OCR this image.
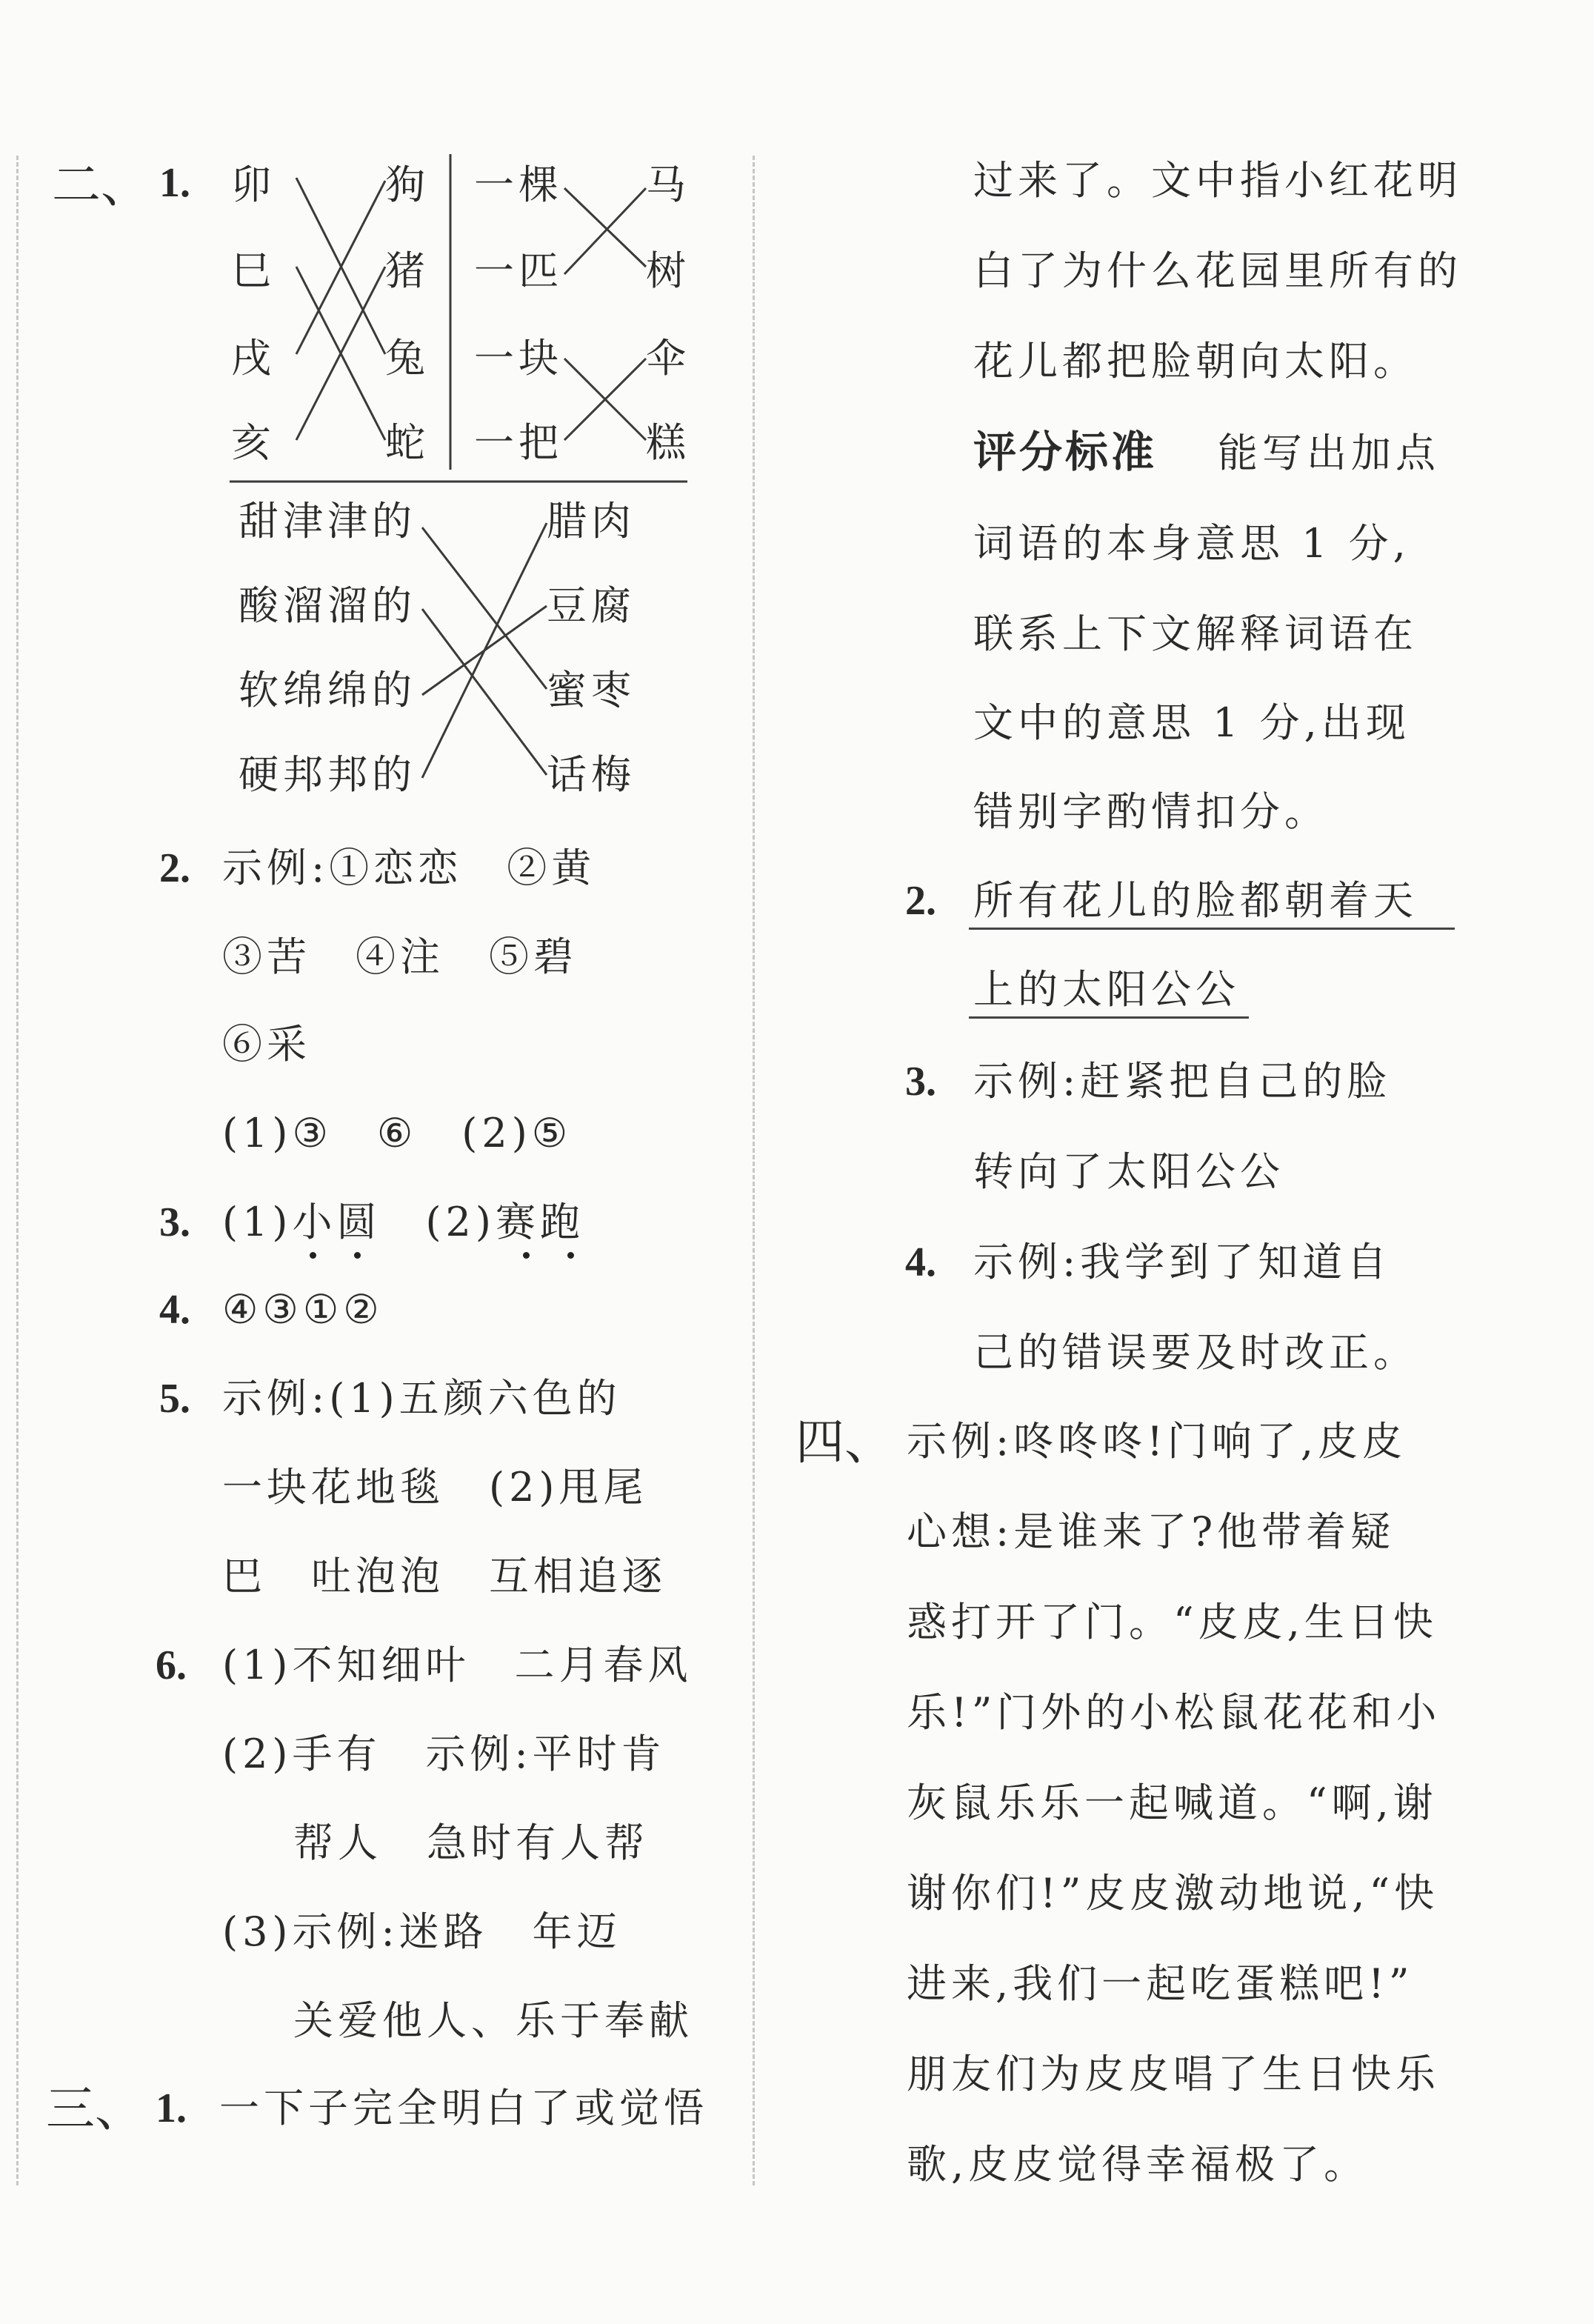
二、 1. 卯
巳
戌
亥
狗
猪
兔
蛇
一棵
一匹
一块
一把
马
树
伞
糕
甜津津的
酸溜溜的
软绵绵的
硬邦邦的
腊肉
豆腐
蜜枣
话梅
2. 示例:①恋恋　②黄
③苦　④注　⑤碧
⑥采
(1)③　⑥　(2)⑤
3. (1)小圆　(2)赛跑
4. ④③①②
5. 示例:(1)五颜六色的
一块花地毯　(2)甩尾
巴　吐泡泡　互相追逐
6. (1)不知细叶　二月春风
(2)手有　示例:平时肯
帮人　急时有人帮
(3)示例:迷路　年迈
关爱他人、乐于奉献
三、 1. 一下子完全明白了或觉悟
过来了。文中指小红花明
白了为什么花园里所有的
花儿都把脸朝向太阳。
评分标准 能写出加点
词语的本身意思 1 分,
联系上下文解释词语在
文中的意思 1 分,出现
错别字酌情扣分。
2. 所有花儿的脸都朝着天
上的太阳公公
3. 示例:赶紧把自己的脸
转向了太阳公公
4. 示例:我学到了知道自
己的错误要及时改正。
四、 示例:咚咚咚!门响了,皮皮
心想:是谁来了?他带着疑
惑打开了门。“皮皮,生日快
乐!”门外的小松鼠花花和小
灰鼠乐乐一起喊道。“啊,谢
谢你们!”皮皮激动地说,“快
进来,我们一起吃蛋糕吧!”
朋友们为皮皮唱了生日快乐
歌,皮皮觉得幸福极了。
